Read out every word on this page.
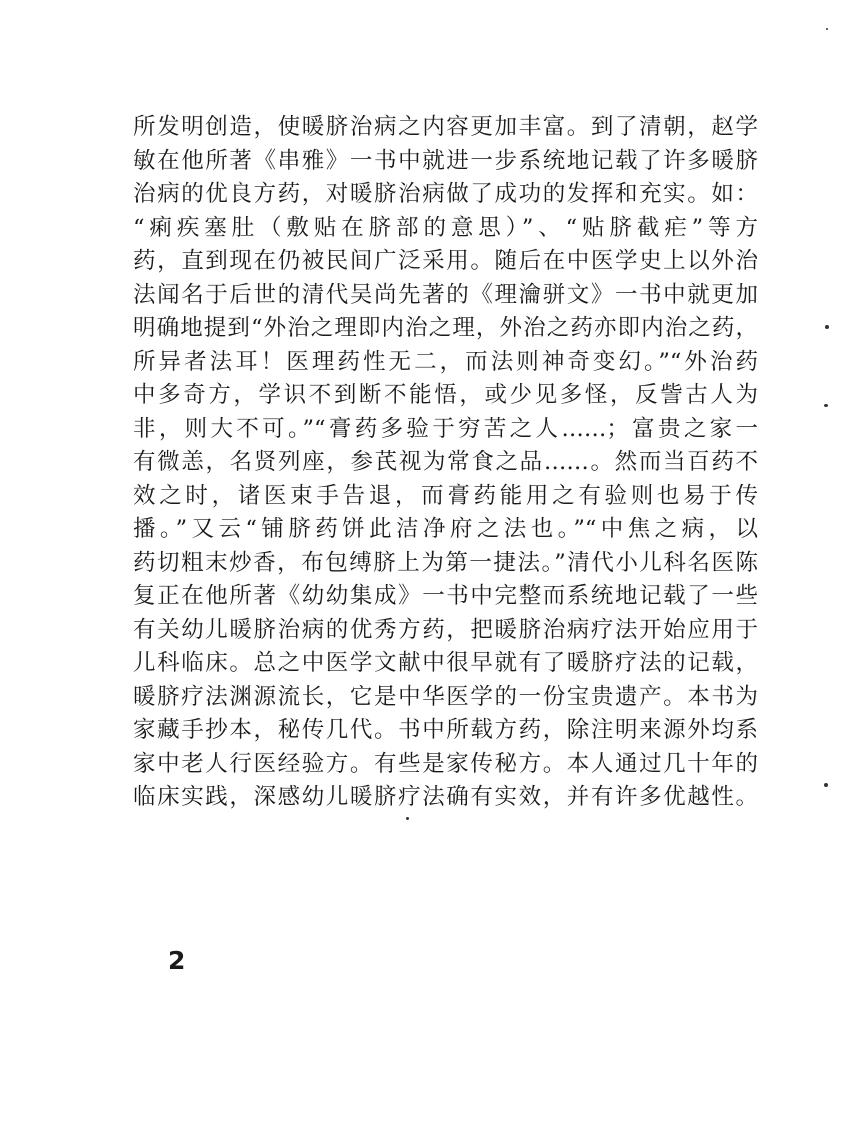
所发明创造，使暖脐治病之内容更加丰富。到了清朝，赵学
敏在他所著《串雅》一书中就进一步系统地记载了许多暖脐
治病的优良方药，对暖脐治病做了成功的发挥和充实。如：
“痢疾塞肚（敷贴在脐部的意思）”、“贴脐截疟”等方
药，直到现在仍被民间广泛采用。随后在中医学史上以外治
法闻名于后世的清代吴尚先著的《理瀹骈文》一书中就更加
明确地提到“外治之理即内治之理，外治之药亦即内治之药，
所异者法耳！医理药性无二，而法则神奇变幻。”“外治药
中多奇方，学识不到断不能悟，或少见多怪，反訾古人为
非，则大不可。”“膏药多验于穷苦之人……；富贵之家一
有微恙，名贤列座，参芪视为常食之品……。然而当百药不
效之时，诸医束手告退，而膏药能用之有验则也易于传
播。”又云“铺脐药饼此洁净府之法也。”“中焦之病，以
药切粗末炒香，布包缚脐上为第一捷法。”清代小儿科名医陈
复正在他所著《幼幼集成》一书中完整而系统地记载了一些
有关幼儿暖脐治病的优秀方药，把暖脐治病疗法开始应用于
儿科临床。总之中医学文献中很早就有了暖脐疗法的记载，
暖脐疗法渊源流长，它是中华医学的一份宝贵遗产。本书为
家藏手抄本，秘传几代。书中所载方药，除注明来源外均系
家中老人行医经验方。有些是家传秘方。本人通过几十年的
临床实践，深感幼儿暖脐疗法确有实效，并有许多优越性。
2
